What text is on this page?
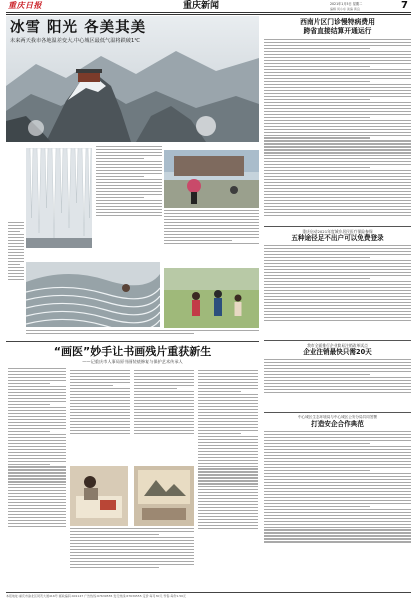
重庆日报	重庆新闻	2021年1月5日 星期二
编辑 何小东 美编 黄良	7
冰雪 阳光 各美其美
未来两天我市各地温差变大,中心城区最低气温将跌破1℃
西南片区门诊慢特病费用
跨省直接结算开通运行
重庆启动2021年度城乡居民医疗保险参保
五种途径足不出户可以免费登录
“画医”妙手让书画残片重获新生
——记重庆市人事局原书画装裱修复与保护艺术传承人
我市全面推行企业简易注销改革试点
企业注销最快只需20天
中心城区生态环境局与中心城区公安分局共同签署
打造安企合作典范
本报地址:重庆市渝北区同茂大道416号 邮政编码:401147 广告热线:67639555 发行热线:67639555 定价:每月30元 零售:每份1.50元
